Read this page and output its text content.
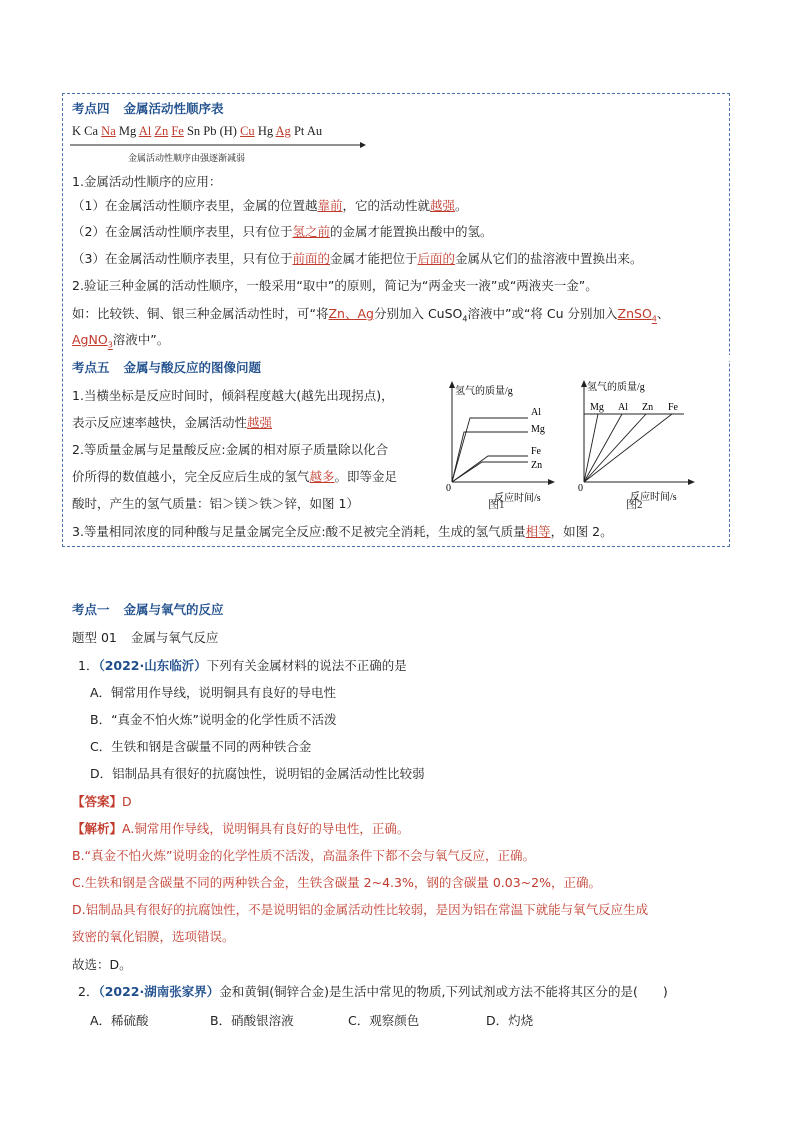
考点四 金属活动性顺序表
K Ca Na Mg Al Zn Fe Sn Pb (H) Cu Hg Ag Pt Au
金属活动性顺序由强逐渐减弱
1.金属活动性顺序的应用：
（1）在金属活动性顺序表里，金属的位置越靠前，它的活动性就越强。
（2）在金属活动性顺序表里，只有位于氢之前的金属才能置换出酸中的氢。
（3）在金属活动性顺序表里，只有位于前面的金属才能把位于后面的金属从它们的盐溶液中置换出来。
2.验证三种金属的活动性顺序，一般采用“取中”的原则，简记为“两金夹一液”或“两液夹一金”。
如：比较铁、铜、银三种金属活动性时，可“将Zn、Ag分别加入 CuSO$_4$溶液中”或“将 Cu 分别加入ZnSO$_4$、
AgNO$_3$溶液中”。
考点五 金属与酸反应的图像问题
1.当横坐标是反应时间时，倾斜程度越大(越先出现拐点)，
表示反应速率越快，金属活动性越强
2.等质量金属与足量酸反应:金属的相对原子质量除以化合
价所得的数值越小，完全反应后生成的氢气越多。即等金足
酸时，产生的氢气质量：铝＞镁＞铁＞锌，如图 1）
3.等量相同浓度的同种酸与足量金属完全反应:酸不足被完全消耗，生成的氢气质量相等，如图 2。
氢气的质量/g
反应时间/s
0
Al
Mg
Fe
Zn
图1
氢气的质量/g
反应时间/s
0
Mg Al Zn Fe
图2
考点一 金属与氧气的反应
题型 01 金属与氧气反应
1．（2022·山东临沂）下列有关金属材料的说法不正确的是
A．铜常用作导线，说明铜具有良好的导电性
B．“真金不怕火炼”说明金的化学性质不活泼
C．生铁和钢是含碳量不同的两种铁合金
D．铝制品具有很好的抗腐蚀性，说明铝的金属活动性比较弱
【答案】D
【解析】A.铜常用作导线，说明铜具有良好的导电性，正确。
B.“真金不怕火炼”说明金的化学性质不活泼，高温条件下都不会与氧气反应，正确。
C.生铁和钢是含碳量不同的两种铁合金，生铁含碳量 2~4.3%，钢的含碳量 0.03~2%，正确。
D.铝制品具有很好的抗腐蚀性，不是说明铝的金属活动性比较弱，是因为铝在常温下就能与氧气反应生成
致密的氧化铝膜，选项错误。
故选：D。
2．（2022·湖南张家界）金和黄铜(铜锌合金)是生活中常见的物质,下列试剂或方法不能将其区分的是(　　)
A．稀硫酸	B．硝酸银溶液	C．观察颜色	D．灼烧
